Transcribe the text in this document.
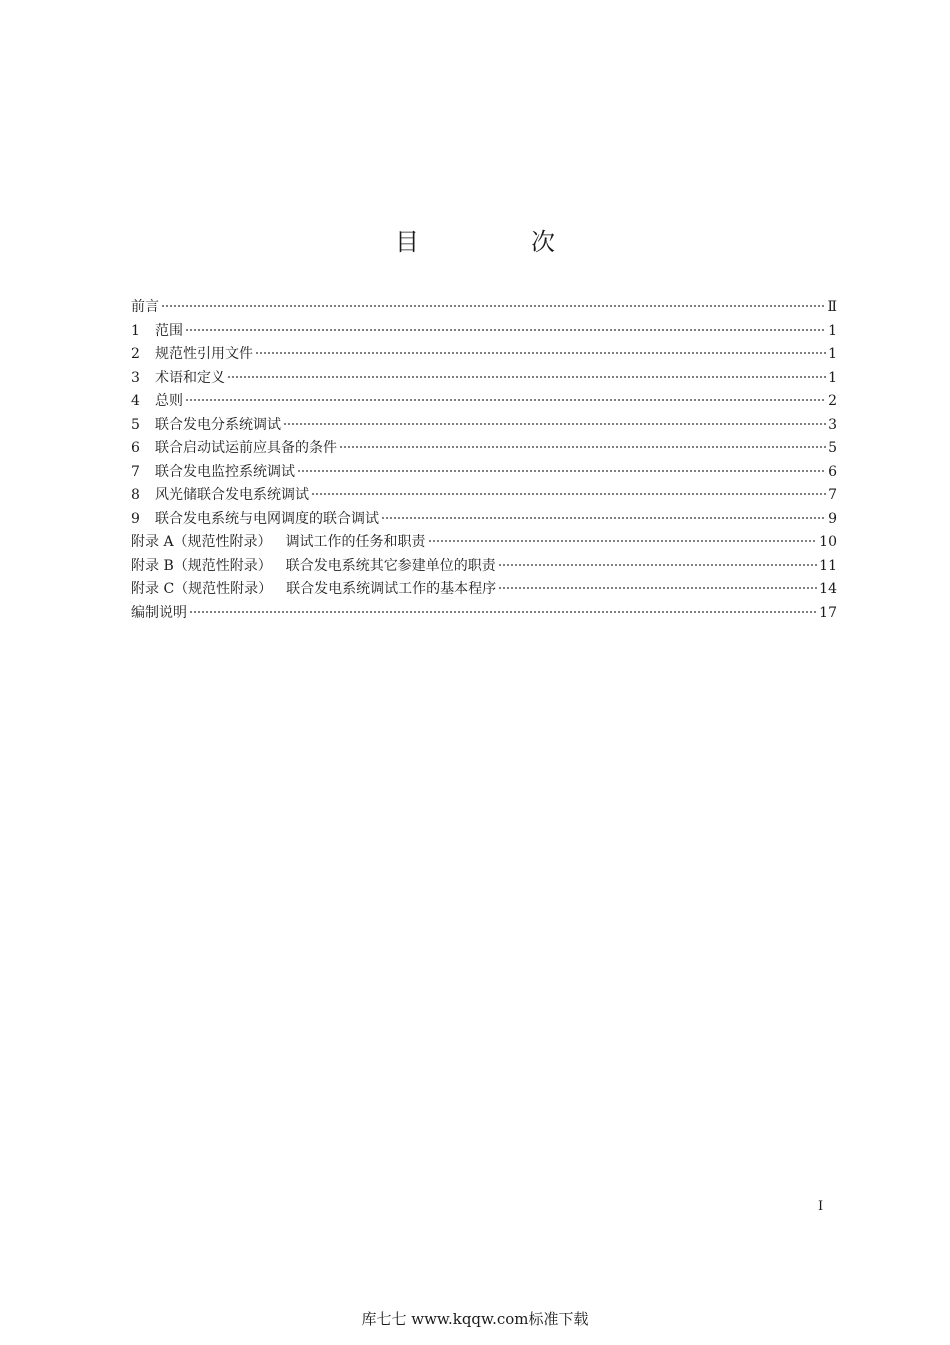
目　次
前言	Ⅱ
1	范围	1
2	规范性引用文件	1
3	术语和定义	1
4	总则	2
5	联合发电分系统调试	3
6	联合启动试运前应具备的条件	5
7	联合发电监控系统调试	6
8	风光储联合发电系统调试	7
9	联合发电系统与电网调度的联合调试	9
附录 A（规范性附录） 调试工作的任务和职责	10
附录 B（规范性附录） 联合发电系统其它参建单位的职责	11
附录 C（规范性附录） 联合发电系统调试工作的基本程序	14
编制说明	17
I
库七七 www.kqqw.com标准下载
